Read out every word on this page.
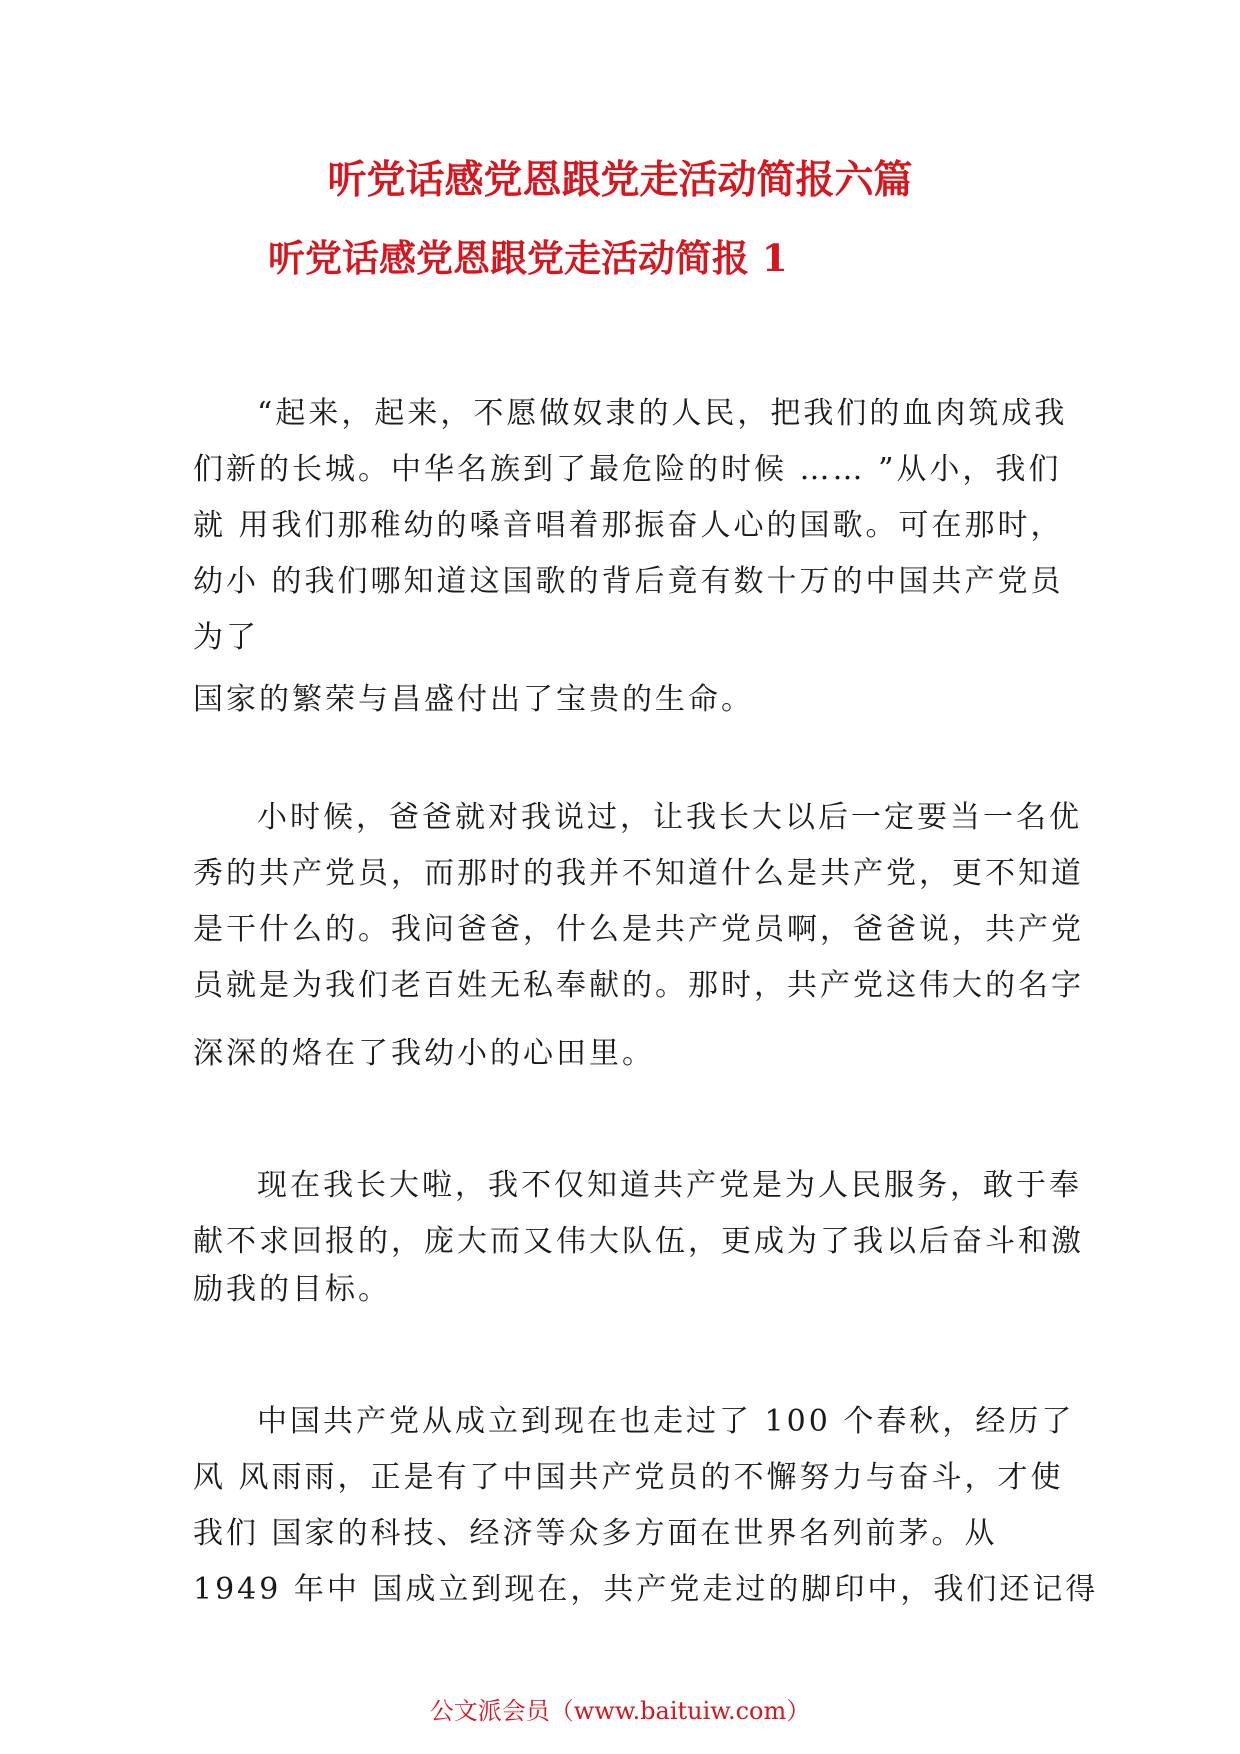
听党话感党恩跟党走活动简报六篇
听党话感党恩跟党走活动简报 1
“起来，起来，不愿做奴隶的人民，把我们的血肉筑成我
们新的长城。中华名族到了最危险的时候 …… ”从小，我们
就 用我们那稚幼的嗓音唱着那振奋人心的国歌。可在那时，
幼小 的我们哪知道这国歌的背后竟有数十万的中国共产党员
为了
国家的繁荣与昌盛付出了宝贵的生命。
小时候，爸爸就对我说过，让我长大以后一定要当一名优
秀的共产党员，而那时的我并不知道什么是共产党，更不知道
是干什么的。我问爸爸，什么是共产党员啊，爸爸说，共产党
员就是为我们老百姓无私奉献的。那时，共产党这伟大的名字
深深的烙在了我幼小的心田里。
现在我长大啦，我不仅知道共产党是为人民服务，敢于奉
献不求回报的，庞大而又伟大队伍，更成为了我以后奋斗和激
励我的目标。
中国共产党从成立到现在也走过了 100 个春秋，经历了
风 风雨雨，正是有了中国共产党员的不懈努力与奋斗，才使
我们 国家的科技、经济等众多方面在世界名列前茅。从
1949 年中 国成立到现在，共产党走过的脚印中，我们还记得
公文派会员（www.baituiw.com）
